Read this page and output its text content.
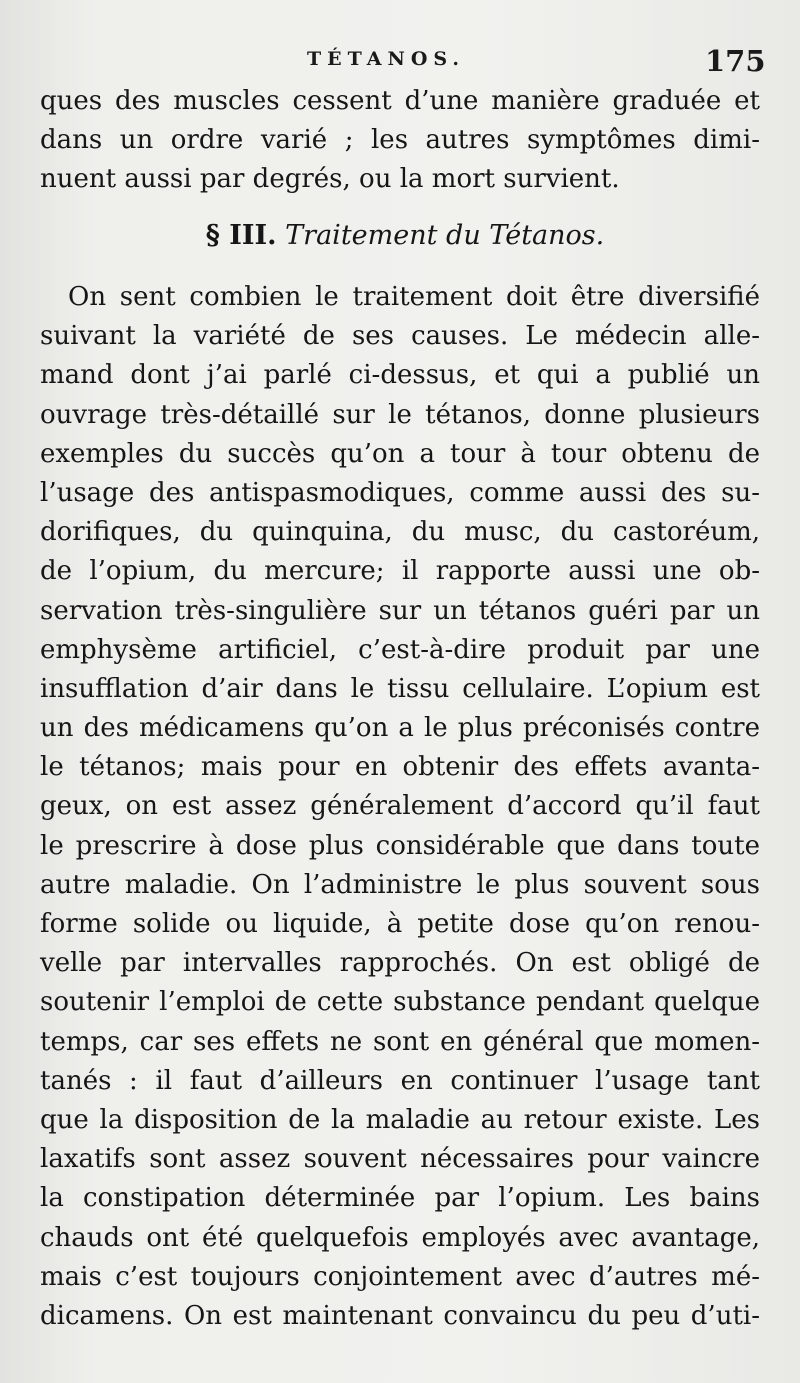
TÉTANOS.	175
ques des muscles cessent d’une manière graduée et
dans un ordre varié ; les autres symptômes dimi-
nuent aussi par degrés, ou la mort survient.
§ III. Traitement du Tétanos.
On sent combien le traitement doit être diversifié
suivant la variété de ses causes. Le médecin alle-
mand dont j’ai parlé ci-dessus, et qui a publié un
ouvrage très-détaillé sur le tétanos, donne plusieurs
exemples du succès qu’on a tour à tour obtenu de
l’usage des antispasmodiques, comme aussi des su-
dorifiques, du quinquina, du musc, du castoréum,
de l’opium, du mercure; il rapporte aussi une ob-
servation très-singulière sur un tétanos guéri par un
emphysème artificiel, c’est-à-dire produit par une
insufflation d’air dans le tissu cellulaire. L’opium est
un des médicamens qu’on a le plus préconisés contre
le tétanos; mais pour en obtenir des effets avanta-
geux, on est assez généralement d’accord qu’il faut
le prescrire à dose plus considérable que dans toute
autre maladie. On l’administre le plus souvent sous
forme solide ou liquide, à petite dose qu’on renou-
velle par intervalles rapprochés. On est obligé de
soutenir l’emploi de cette substance pendant quelque
temps, car ses effets ne sont en général que momen-
tanés : il faut d’ailleurs en continuer l’usage tant
que la disposition de la maladie au retour existe. Les
laxatifs sont assez souvent nécessaires pour vaincre
la constipation déterminée par l’opium. Les bains
chauds ont été quelquefois employés avec avantage,
mais c’est toujours conjointement avec d’autres mé-
dicamens. On est maintenant convaincu du peu d’uti-
